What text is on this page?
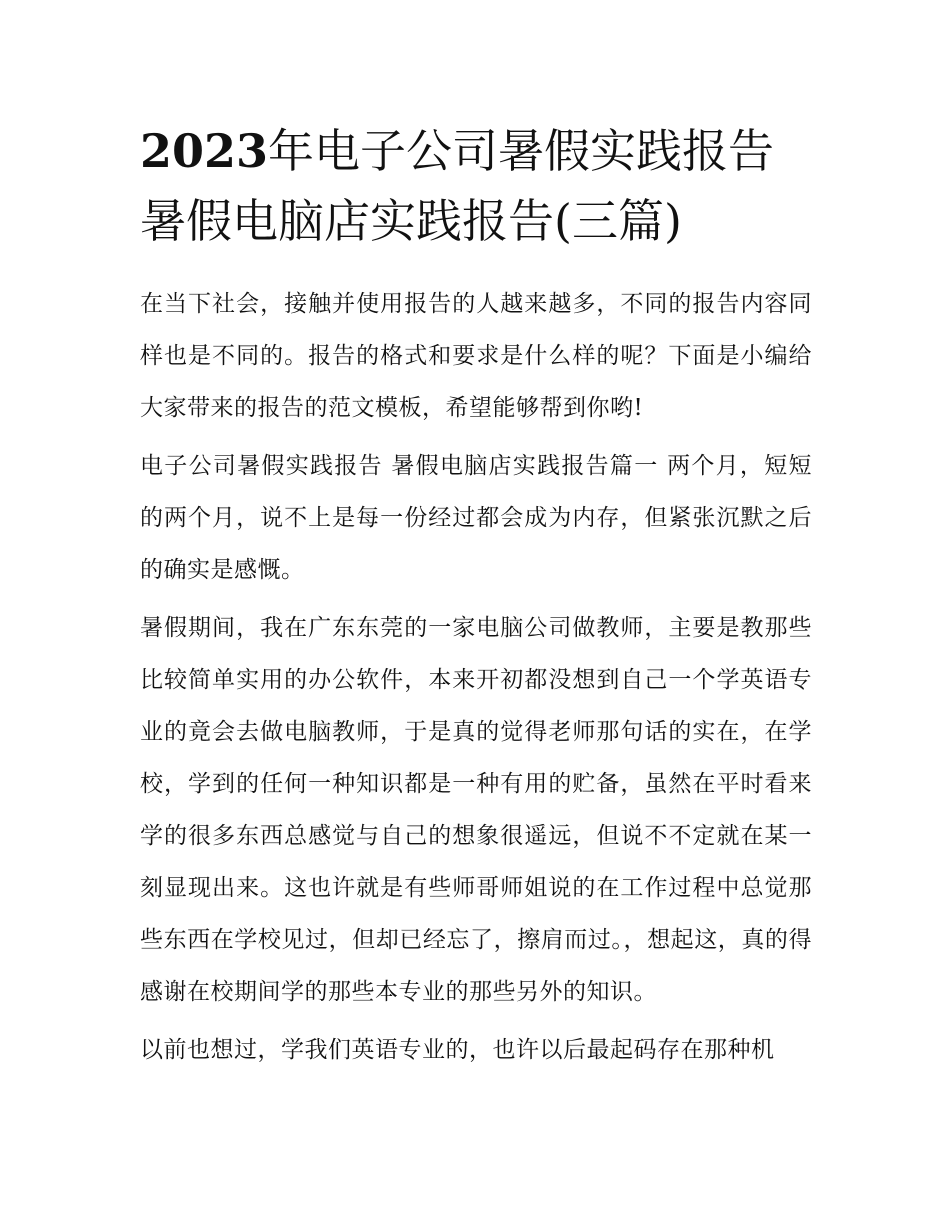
2023年电子公司暑假实践报告
暑假电脑店实践报告(三篇)

在当下社会，接触并使用报告的人越来越多，不同的报告内容同样也是不同的。报告的格式和要求是什么样的呢？下面是小编给大家带来的报告的范文模板，希望能够帮到你哟!

电子公司暑假实践报告 暑假电脑店实践报告篇一 两个月，短短的两个月，说不上是每一份经过都会成为内存，但紧张沉默之后的确实是感慨。

暑假期间，我在广东东莞的一家电脑公司做教师，主要是教那些比较简单实用的办公软件，本来开初都没想到自己一个学英语专业的竟会去做电脑教师，于是真的觉得老师那句话的实在，在学校，学到的任何一种知识都是一种有用的贮备，虽然在平时看来学的很多东西总感觉与自己的想象很遥远，但说不不定就在某一刻显现出来。这也许就是有些师哥师姐说的在工作过程中总觉那些东西在学校见过，但却已经忘了，擦肩而过。，想起这，真的得感谢在校期间学的那些本专业的那些另外的知识。

以前也想过，学我们英语专业的，也许以后最起码存在那种机
